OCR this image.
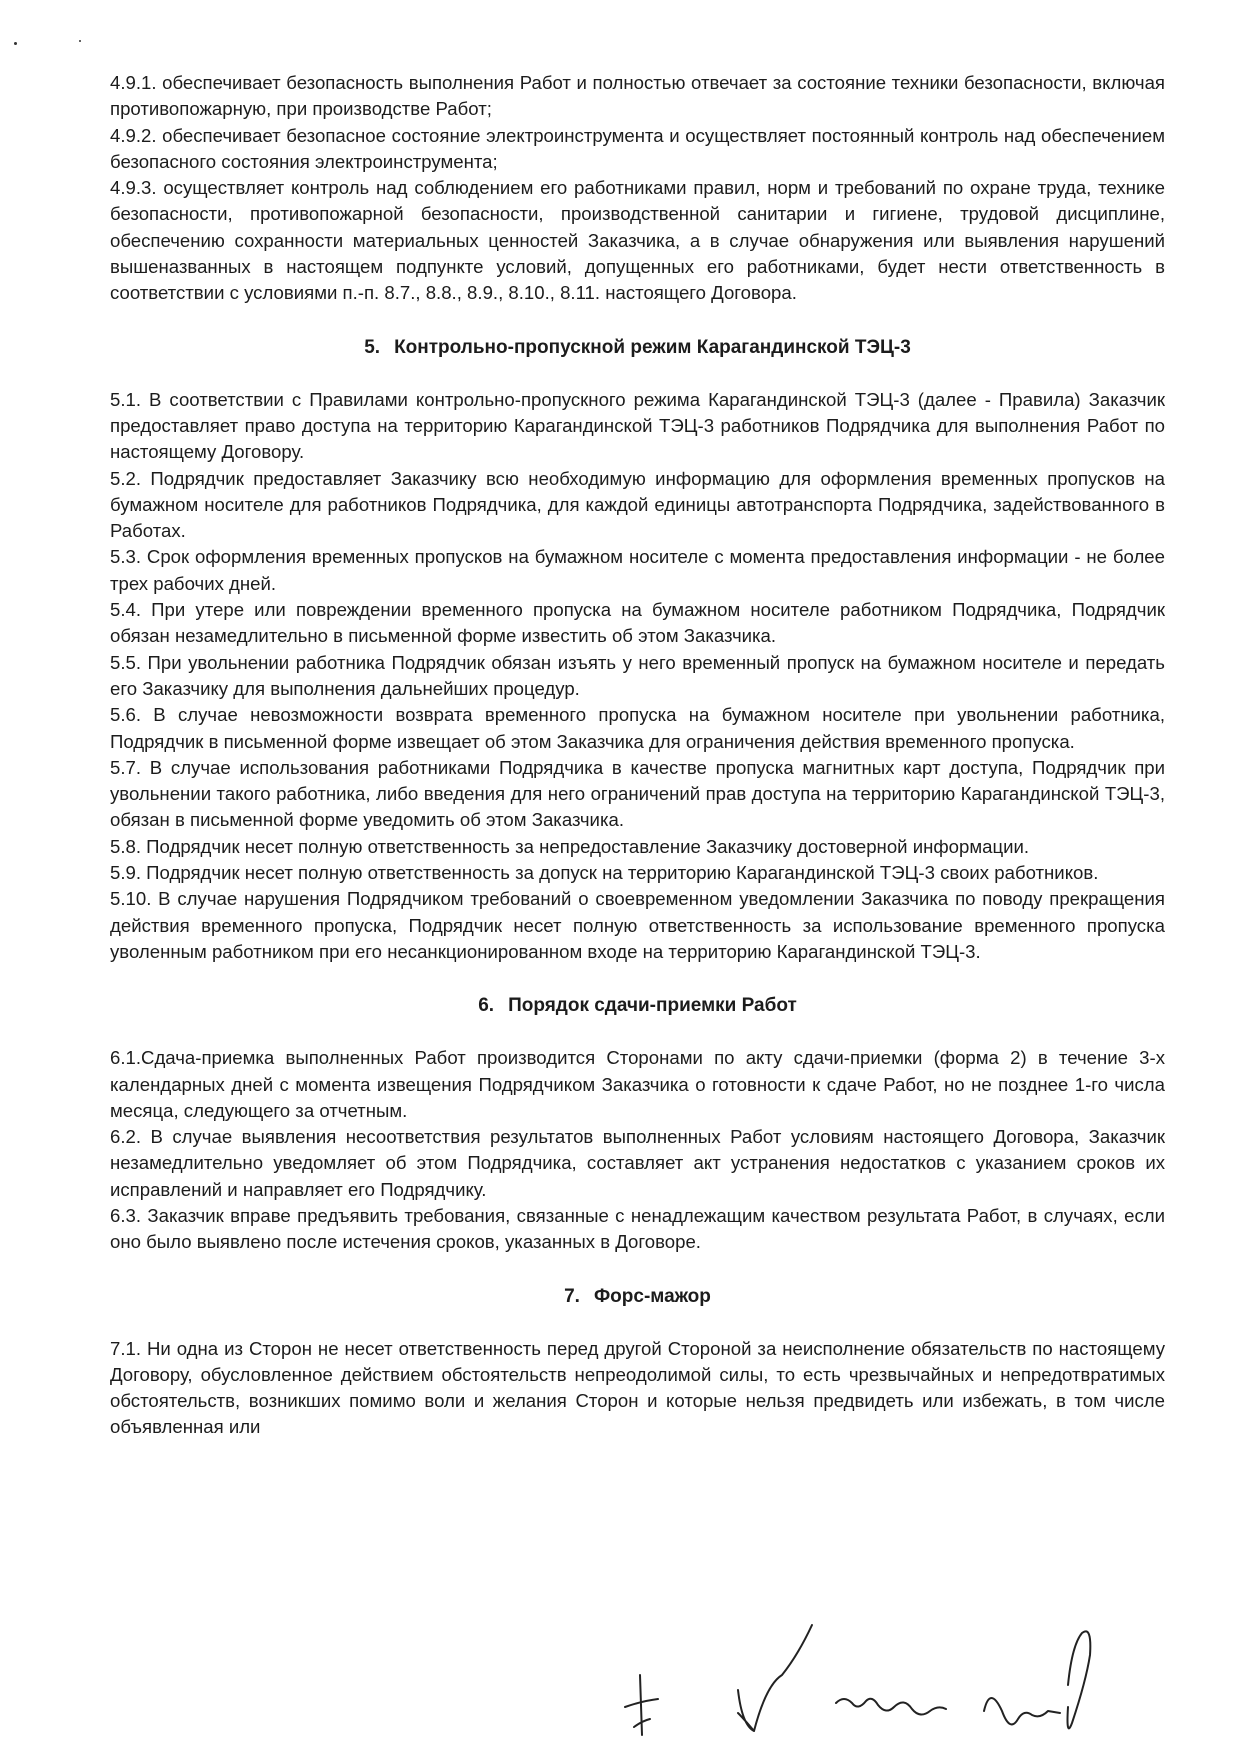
4.9.1. обеспечивает безопасность выполнения Работ и полностью отвечает за состояние техники безопасности, включая противопожарную, при производстве Работ;

4.9.2. обеспечивает безопасное состояние электроинструмента и осуществляет постоянный контроль над обеспечением безопасного состояния электроинструмента;

4.9.3. осуществляет контроль над соблюдением его работниками правил, норм и требований по охране труда, технике безопасности, противопожарной безопасности, производственной санитарии и гигиене, трудовой дисциплине, обеспечению сохранности материальных ценностей Заказчика, а в случае обнаружения или выявления нарушений вышеназванных в настоящем подпункте условий, допущенных его работниками, будет нести ответственность в соответствии с условиями п.-п. 8.7., 8.8., 8.9., 8.10., 8.11. настоящего Договора.

5. Контрольно-пропускной режим Карагандинской ТЭЦ-3

5.1. В соответствии с Правилами контрольно-пропускного режима Карагандинской ТЭЦ-3 (далее - Правила) Заказчик предоставляет право доступа на территорию Карагандинской ТЭЦ-3 работников Подрядчика для выполнения Работ по настоящему Договору.

5.2. Подрядчик предоставляет Заказчику всю необходимую информацию для оформления временных пропусков на бумажном носителе для работников Подрядчика, для каждой единицы автотранспорта Подрядчика, задействованного в Работах.

5.3. Срок оформления временных пропусков на бумажном носителе с момента предоставления информации - не более трех рабочих дней.

5.4. При утере или повреждении временного пропуска на бумажном носителе работником Подрядчика, Подрядчик обязан незамедлительно в письменной форме известить об этом Заказчика.

5.5. При увольнении работника Подрядчик обязан изъять у него временный пропуск на бумажном носителе и передать его Заказчику для выполнения дальнейших процедур.

5.6. В случае невозможности возврата временного пропуска на бумажном носителе при увольнении работника, Подрядчик в письменной форме извещает об этом Заказчика для ограничения действия временного пропуска.

5.7. В случае использования работниками Подрядчика в качестве пропуска магнитных карт доступа, Подрядчик при увольнении такого работника, либо введения для него ограничений прав доступа на территорию Карагандинской ТЭЦ-3, обязан в письменной форме уведомить об этом Заказчика.

5.8. Подрядчик несет полную ответственность за непредоставление Заказчику достоверной информации.

5.9. Подрядчик несет полную ответственность за допуск на территорию Карагандинской ТЭЦ-3 своих работников.

5.10. В случае нарушения Подрядчиком требований о своевременном уведомлении Заказчика по поводу прекращения действия временного пропуска, Подрядчик несет полную ответственность за использование временного пропуска уволенным работником при его несанкционированном входе на территорию Карагандинской ТЭЦ-3.

6. Порядок сдачи-приемки Работ

6.1.Сдача-приемка выполненных Работ производится Сторонами по акту сдачи-приемки (форма 2) в течение 3-х календарных дней с момента извещения Подрядчиком Заказчика о готовности к сдаче Работ, но не позднее 1-го числа месяца, следующего за отчетным.

6.2. В случае выявления несоответствия результатов выполненных Работ условиям настоящего Договора, Заказчик незамедлительно уведомляет об этом Подрядчика, составляет акт устранения недостатков с указанием сроков их исправлений и направляет его Подрядчику.

6.3. Заказчик вправе предъявить требования, связанные с ненадлежащим качеством результата Работ, в случаях, если оно было выявлено после истечения сроков, указанных в Договоре.

7. Форс-мажор

7.1. Ни одна из Сторон не несет ответственность перед другой Стороной за неисполнение обязательств по настоящему Договору, обусловленное действием обстоятельств непреодолимой силы, то есть чрезвычайных и непредотвратимых обстоятельств, возникших помимо воли и желания Сторон и которые нельзя предвидеть или избежать, в том числе объявленная или
